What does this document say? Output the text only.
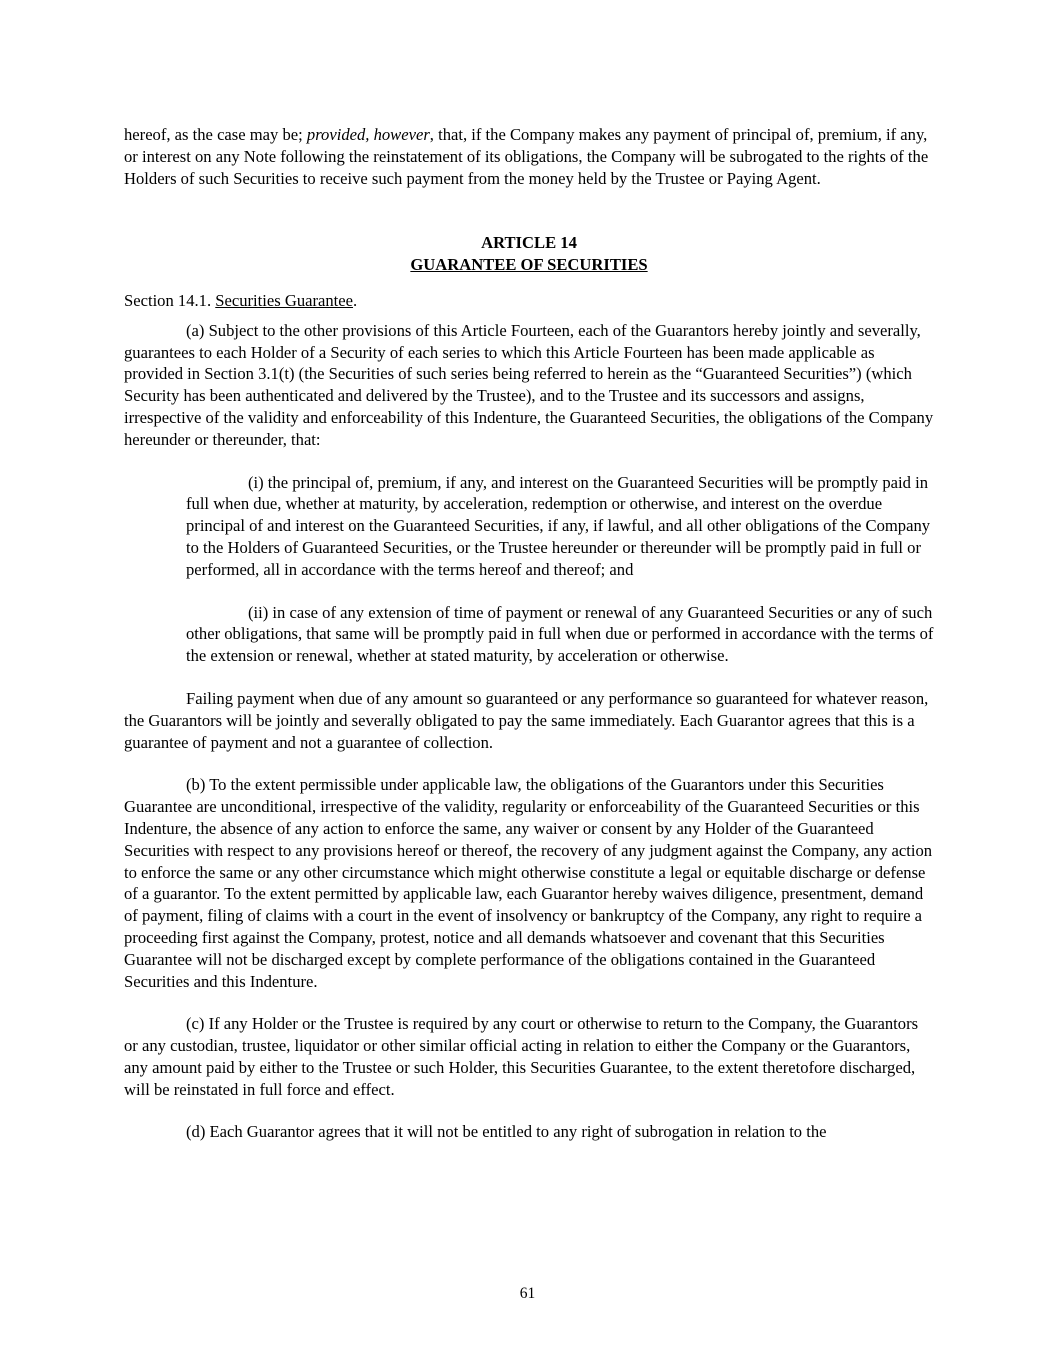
hereof, as the case may be; provided, however, that, if the Company makes any payment of principal of, premium, if any, or interest on any Note following the reinstatement of its obligations, the Company will be subrogated to the rights of the Holders of such Securities to receive such payment from the money held by the Trustee or Paying Agent.

ARTICLE 14
GUARANTEE OF SECURITIES

Section 14.1. Securities Guarantee.

(a) Subject to the other provisions of this Article Fourteen, each of the Guarantors hereby jointly and severally, guarantees to each Holder of a Security of each series to which this Article Fourteen has been made applicable as provided in Section 3.1(t) (the Securities of such series being referred to herein as the “Guaranteed Securities”) (which Security has been authenticated and delivered by the Trustee), and to the Trustee and its successors and assigns, irrespective of the validity and enforceability of this Indenture, the Guaranteed Securities, the obligations of the Company hereunder or thereunder, that:

(i) the principal of, premium, if any, and interest on the Guaranteed Securities will be promptly paid in full when due, whether at maturity, by acceleration, redemption or otherwise, and interest on the overdue principal of and interest on the Guaranteed Securities, if any, if lawful, and all other obligations of the Company to the Holders of Guaranteed Securities, or the Trustee hereunder or thereunder will be promptly paid in full or performed, all in accordance with the terms hereof and thereof; and

(ii) in case of any extension of time of payment or renewal of any Guaranteed Securities or any of such other obligations, that same will be promptly paid in full when due or performed in accordance with the terms of the extension or renewal, whether at stated maturity, by acceleration or otherwise.

Failing payment when due of any amount so guaranteed or any performance so guaranteed for whatever reason, the Guarantors will be jointly and severally obligated to pay the same immediately. Each Guarantor agrees that this is a guarantee of payment and not a guarantee of collection.

(b) To the extent permissible under applicable law, the obligations of the Guarantors under this Securities Guarantee are unconditional, irrespective of the validity, regularity or enforceability of the Guaranteed Securities or this Indenture, the absence of any action to enforce the same, any waiver or consent by any Holder of the Guaranteed Securities with respect to any provisions hereof or thereof, the recovery of any judgment against the Company, any action to enforce the same or any other circumstance which might otherwise constitute a legal or equitable discharge or defense of a guarantor. To the extent permitted by applicable law, each Guarantor hereby waives diligence, presentment, demand of payment, filing of claims with a court in the event of insolvency or bankruptcy of the Company, any right to require a proceeding first against the Company, protest, notice and all demands whatsoever and covenant that this Securities Guarantee will not be discharged except by complete performance of the obligations contained in the Guaranteed Securities and this Indenture.

(c) If any Holder or the Trustee is required by any court or otherwise to return to the Company, the Guarantors or any custodian, trustee, liquidator or other similar official acting in relation to either the Company or the Guarantors, any amount paid by either to the Trustee or such Holder, this Securities Guarantee, to the extent theretofore discharged, will be reinstated in full force and effect.

(d) Each Guarantor agrees that it will not be entitled to any right of subrogation in relation to the

61
